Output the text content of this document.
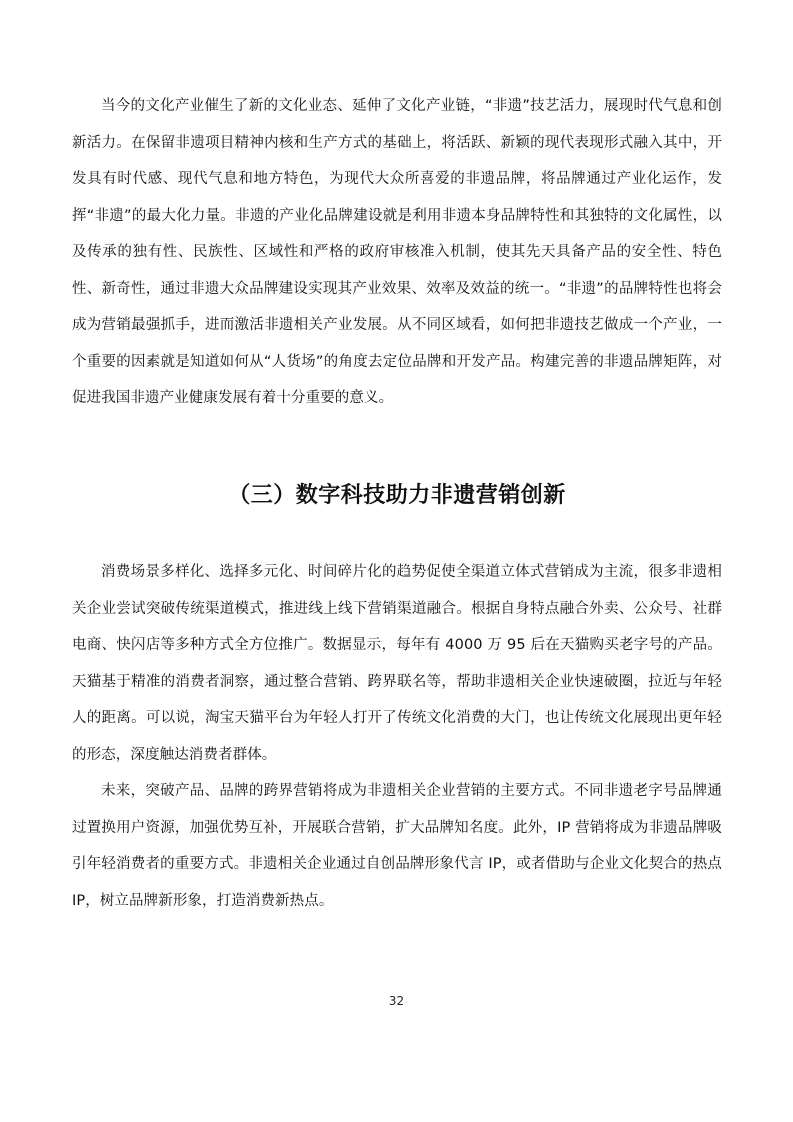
当今的文化产业催生了新的文化业态、延伸了文化产业链，“非遗”技艺活力，展现时代气息和创新活力。在保留非遗项目精神内核和生产方式的基础上，将活跃、新颖的现代表现形式融入其中，开发具有时代感、现代气息和地方特色，为现代大众所喜爱的非遗品牌，将品牌通过产业化运作，发挥“非遗”的最大化力量。非遗的产业化品牌建设就是利用非遗本身品牌特性和其独特的文化属性，以及传承的独有性、民族性、区域性和严格的政府审核准入机制，使其先天具备产品的安全性、特色性、新奇性，通过非遗大众品牌建设实现其产业效果、效率及效益的统一。“非遗”的品牌特性也将会成为营销最强抓手，进而激活非遗相关产业发展。从不同区域看，如何把非遗技艺做成一个产业，一个重要的因素就是知道如何从“人货场”的角度去定位品牌和开发产品。构建完善的非遗品牌矩阵，对促进我国非遗产业健康发展有着十分重要的意义。

（三）数字科技助力非遗营销创新

消费场景多样化、选择多元化、时间碎片化的趋势促使全渠道立体式营销成为主流，很多非遗相关企业尝试突破传统渠道模式，推进线上线下营销渠道融合。根据自身特点融合外卖、公众号、社群电商、快闪店等多种方式全方位推广。数据显示，每年有 4000 万 95 后在天猫购买老字号的产品。天猫基于精准的消费者洞察，通过整合营销、跨界联名等，帮助非遗相关企业快速破圈，拉近与年轻人的距离。可以说，淘宝天猫平台为年轻人打开了传统文化消费的大门，也让传统文化展现出更年轻的形态，深度触达消费者群体。

未来，突破产品、品牌的跨界营销将成为非遗相关企业营销的主要方式。不同非遗老字号品牌通过置换用户资源，加强优势互补，开展联合营销，扩大品牌知名度。此外，IP 营销将成为非遗品牌吸引年轻消费者的重要方式。非遗相关企业通过自创品牌形象代言 IP，或者借助与企业文化契合的热点 IP，树立品牌新形象，打造消费新热点。

32
